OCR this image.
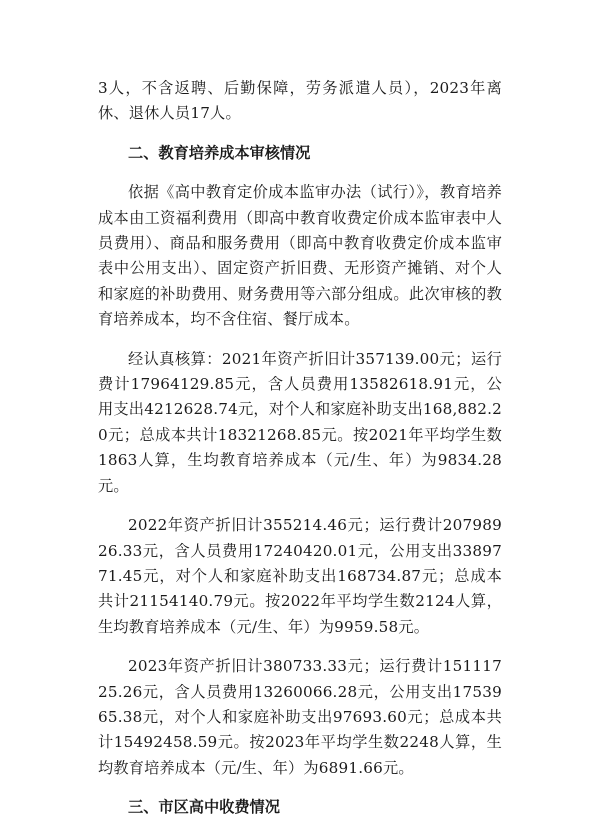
3人，不含返聘、后勤保障，劳务派遣人员），2023年离休、退休人员17人。

二、教育培养成本审核情况

依据《高中教育定价成本监审办法（试行）》，教育培养成本由工资福利费用（即高中教育收费定价成本监审表中人员费用）、商品和服务费用（即高中教育收费定价成本监审表中公用支出）、固定资产折旧费、无形资产摊销、对个人和家庭的补助费用、财务费用等六部分组成。此次审核的教育培养成本，均不含住宿、餐厅成本。

经认真核算：2021年资产折旧计357139.00元；运行费计17964129.85元，含人员费用13582618.91元，公用支出4212628.74元，对个人和家庭补助支出168,882.20元；总成本共计18321268.85元。按2021年平均学生数1863人算，生均教育培养成本（元/生、年）为9834.28元。

2022年资产折旧计355214.46元；运行费计20798926.33元，含人员费用17240420.01元，公用支出3389771.45元，对个人和家庭补助支出168734.87元；总成本共计21154140.79元。按2022年平均学生数2124人算，生均教育培养成本（元/生、年）为9959.58元。

2023年资产折旧计380733.33元；运行费计15111725.26元，含人员费用13260066.28元，公用支出1753965.38元，对个人和家庭补助支出97693.60元；总成本共计15492458.59元。按2023年平均学生数2248人算，生均教育培养成本（元/生、年）为6891.66元。

三、市区高中收费情况
